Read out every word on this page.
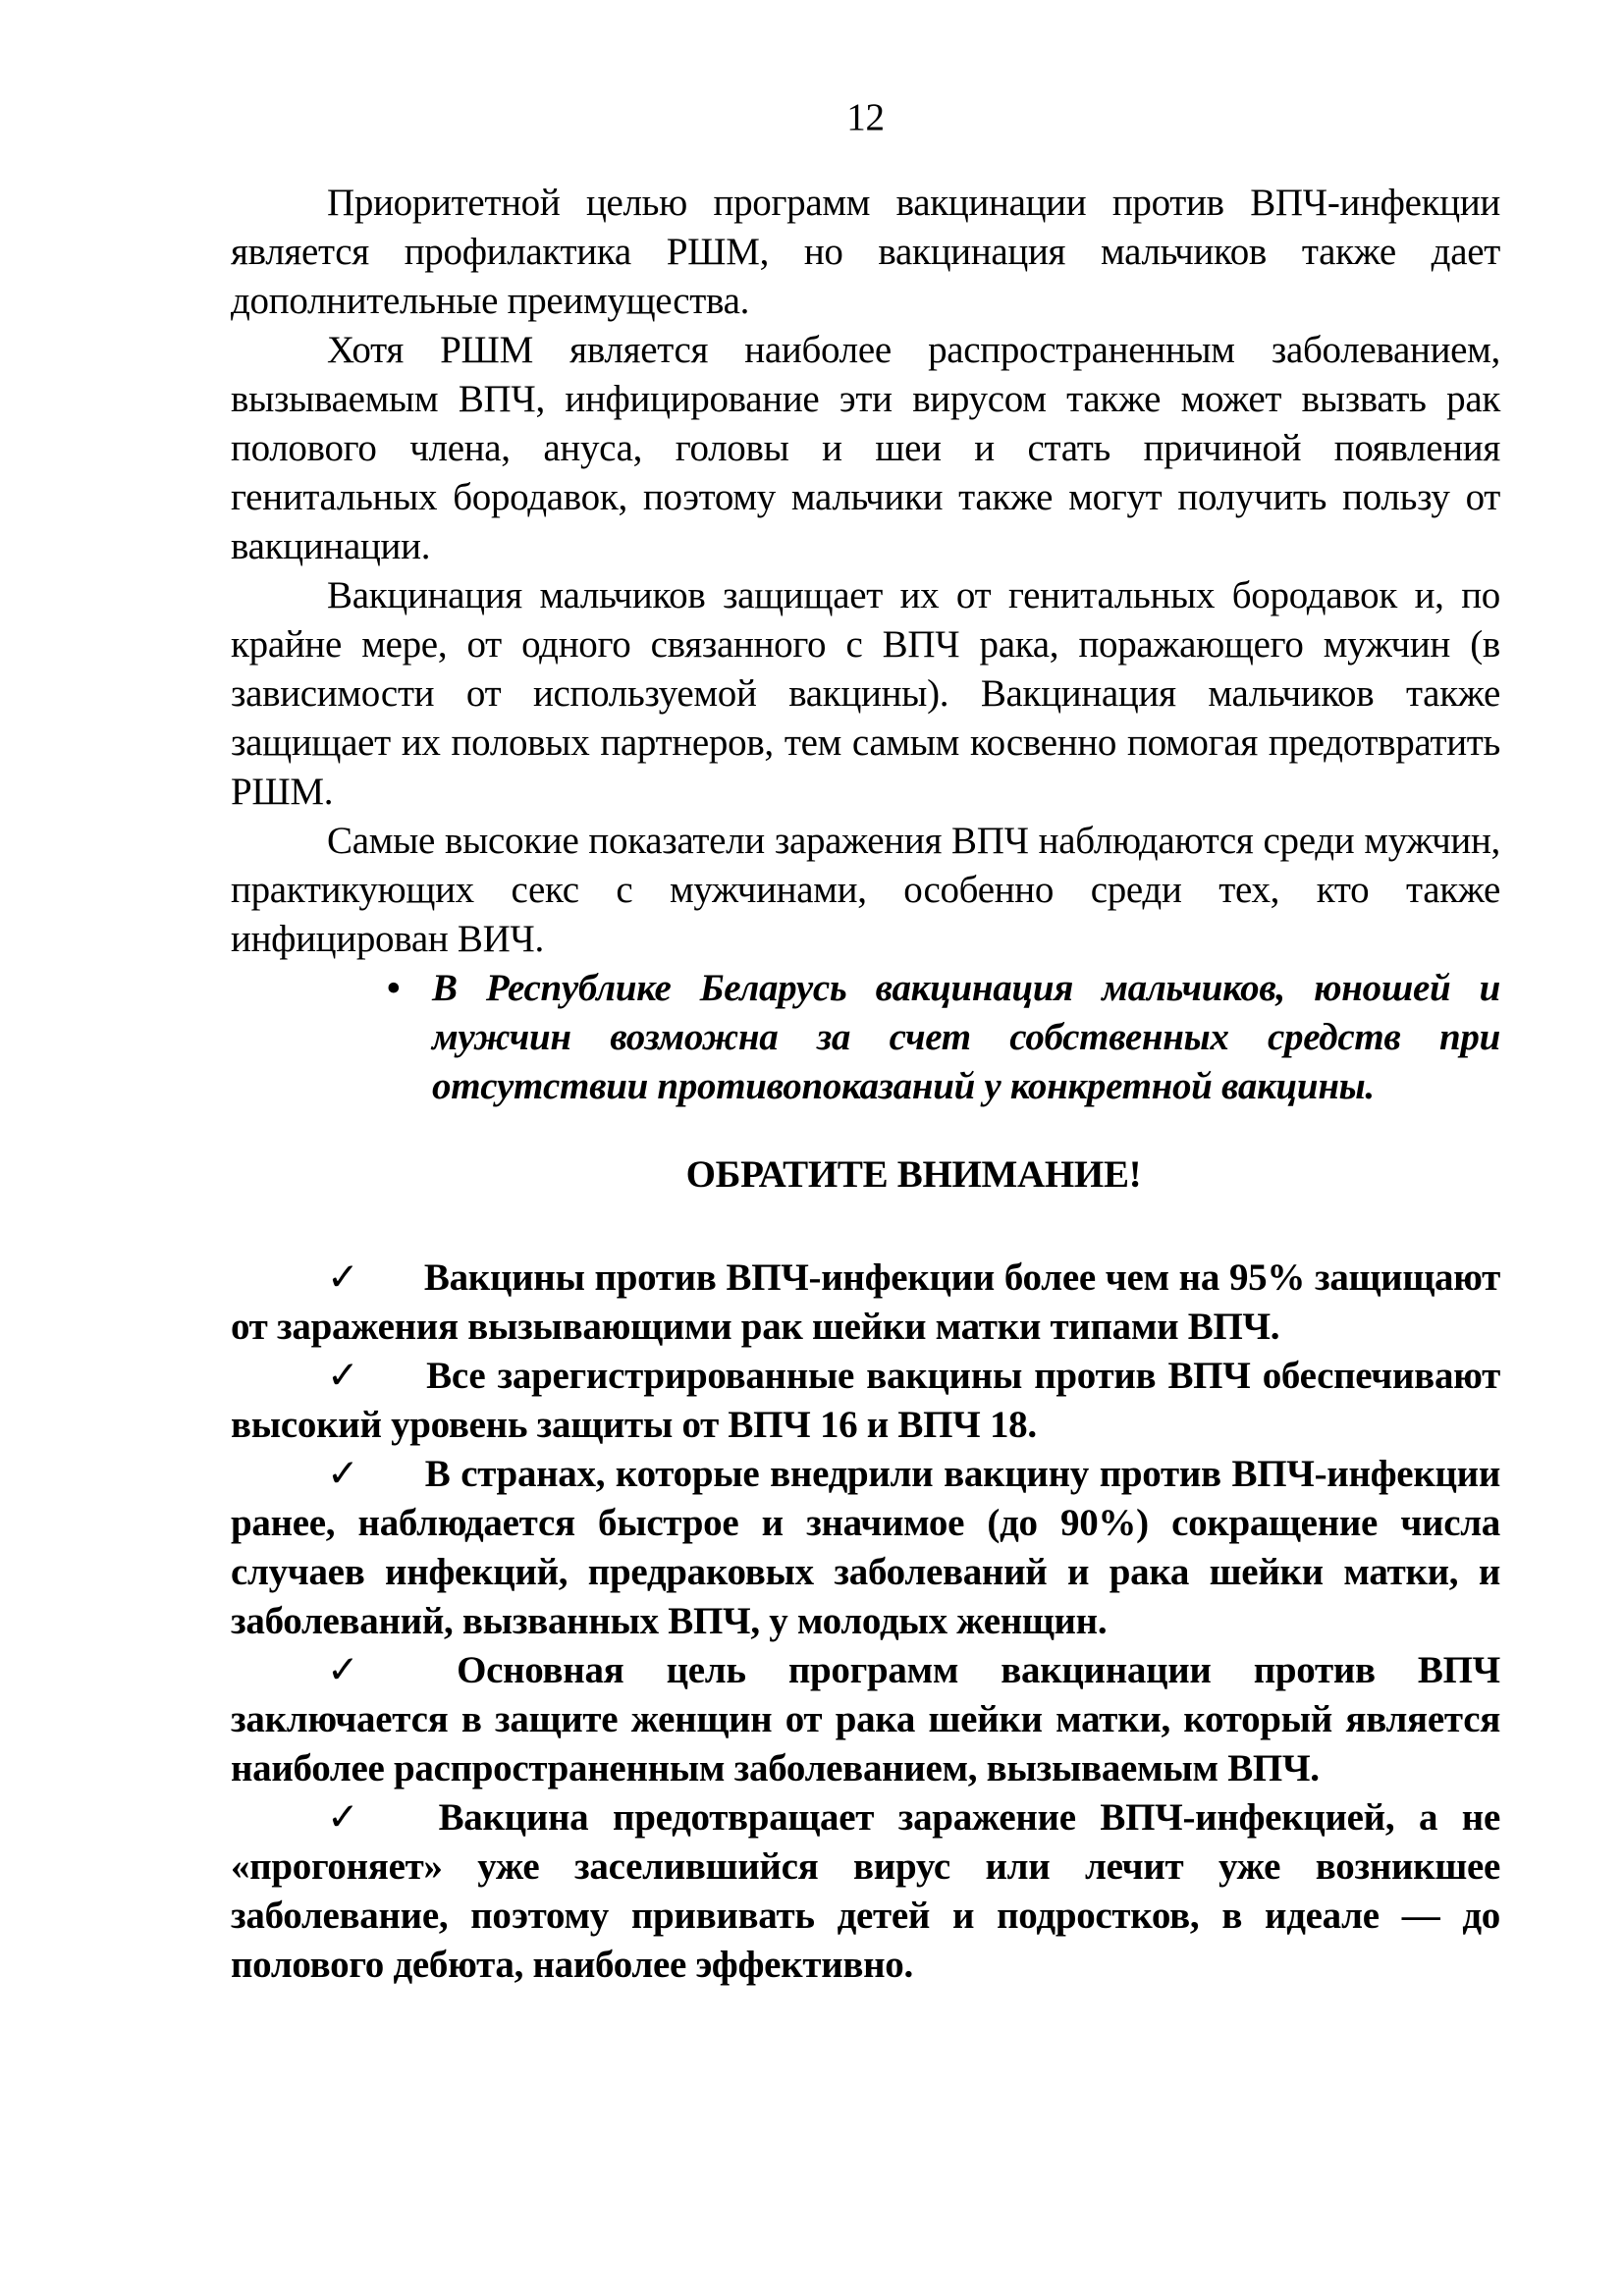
12

Приоритетной целью программ вакцинации против ВПЧ-инфекции является профилактика РШМ, но вакцинация мальчиков также дает дополнительные преимущества.

Хотя РШМ является наиболее распространенным заболеванием, вызываемым ВПЧ, инфицирование эти вирусом также может вызвать рак полового члена, ануса, головы и шеи и стать причиной появления генитальных бородавок, поэтому мальчики также могут получить пользу от вакцинации.

Вакцинация мальчиков защищает их от генитальных бородавок и, по крайне мере, от одного связанного с ВПЧ рака, поражающего мужчин (в зависимости от используемой вакцины). Вакцинация мальчиков также защищает их половых партнеров, тем самым косвенно помогая предотвратить РШМ.

Самые высокие показатели заражения ВПЧ наблюдаются среди мужчин, практикующих секс с мужчинами, особенно среди тех, кто также инфицирован ВИЧ.

• В Республике Беларусь вакцинация мальчиков, юношей и мужчин возможна за счет собственных средств при отсутствии противопоказаний у конкретной вакцины.

ОБРАТИТЕ ВНИМАНИЕ!

✓ Вакцины против ВПЧ-инфекции более чем на 95% защищают от заражения вызывающими рак шейки матки типами ВПЧ.

✓ Все зарегистрированные вакцины против ВПЧ обеспечивают высокий уровень защиты от ВПЧ 16 и ВПЧ 18.

✓ В странах, которые внедрили вакцину против ВПЧ-инфекции ранее, наблюдается быстрое и значимое (до 90%) сокращение числа случаев инфекций, предраковых заболеваний и рака шейки матки, и заболеваний, вызванных ВПЧ, у молодых женщин.

✓ Основная цель программ вакцинации против ВПЧ заключается в защите женщин от рака шейки матки, который является наиболее распространенным заболеванием, вызываемым ВПЧ.

✓ Вакцина предотвращает заражение ВПЧ-инфекцией, а не «прогоняет» уже заселившийся вирус или лечит уже возникшее заболевание, поэтому прививать детей и подростков, в идеале — до полового дебюта, наиболее эффективно.
